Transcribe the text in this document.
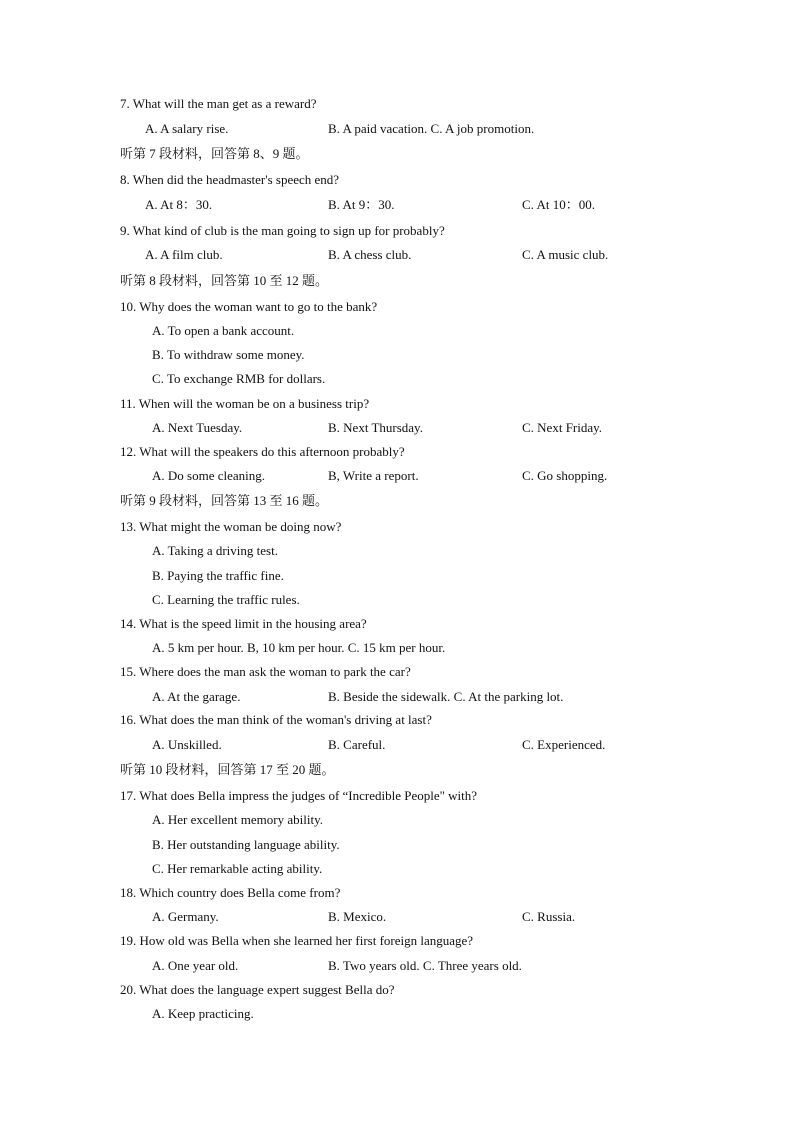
7. What will the man get as a reward?
A. A salary rise.	B. A paid vacation. C. A job promotion.
听第 7 段材料，回答第 8、9 题。
8. When did the headmaster's speech end?
A. At 8：30.	B. At 9：30.	C. At 10：00.
9. What kind of club is the man going to sign up for probably?
A. A film club.	B. A chess club.	C. A music club.
听第 8 段材料，回答第 10 至 12 题。
10. Why does the woman want to go to the bank?
A. To open a bank account.
B. To withdraw some money.
C. To exchange RMB for dollars.
11. When will the woman be on a business trip?
A. Next Tuesday.	B. Next Thursday.	C. Next Friday.
12. What will the speakers do this afternoon probably?
A. Do some cleaning.	B, Write a report.	C. Go shopping.
听第 9 段材料，回答第 13 至 16 题。
13. What might the woman be doing now?
A. Taking a driving test.
B. Paying the traffic fine.
C. Learning the traffic rules.
14. What is the speed limit in the housing area?
A. 5 km per hour. B, 10 km per hour. C. 15 km per hour.
15. Where does the man ask the woman to park the car?
A. At the garage.	B. Beside the sidewalk. C. At the parking lot.
16. What does the man think of the woman's driving at last?
A. Unskilled.	B. Careful.	C. Experienced.
听第 10 段材料，回答第 17 至 20 题。
17. What does Bella impress the judges of “Incredible People" with?
A. Her excellent memory ability.
B. Her outstanding language ability.
C. Her remarkable acting ability.
18. Which country does Bella come from?
A. Germany.	B. Mexico.	C. Russia.
19. How old was Bella when she learned her first foreign language?
A. One year old.	B. Two years old. C. Three years old.
20. What does the language expert suggest Bella do?
A. Keep practicing.
